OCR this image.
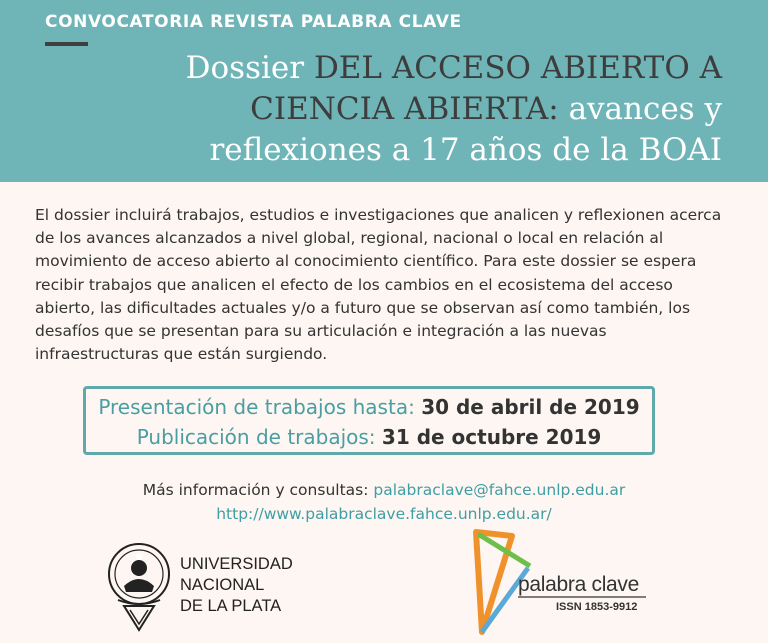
CONVOCATORIA REVISTA PALABRA CLAVE
Dossier DEL ACCESO ABIERTO A CIENCIA ABIERTA: avances y reflexiones a 17 años de la BOAI
El dossier incluirá trabajos, estudios e investigaciones que analicen y reflexionen acerca de los avances alcanzados a nivel global, regional, nacional o local en relación al movimiento de acceso abierto al conocimiento científico. Para este dossier se espera recibir trabajos que analicen el efecto de los cambios en el ecosistema del acceso abierto, las dificultades actuales y/o a futuro que se observan así como también, los desafíos que se presentan para su articulación e integración a las nuevas infraestructuras que están surgiendo.
Presentación de trabajos hasta: 30 de abril de 2019
Publicación de trabajos: 31 de octubre 2019
Más información y consultas: palabraclave@fahce.unlp.edu.ar
http://www.palabraclave.fahce.unlp.edu.ar/
UNIVERSIDAD
NACIONAL
DE LA PLATA
palabra clave
ISSN 1853-9912
